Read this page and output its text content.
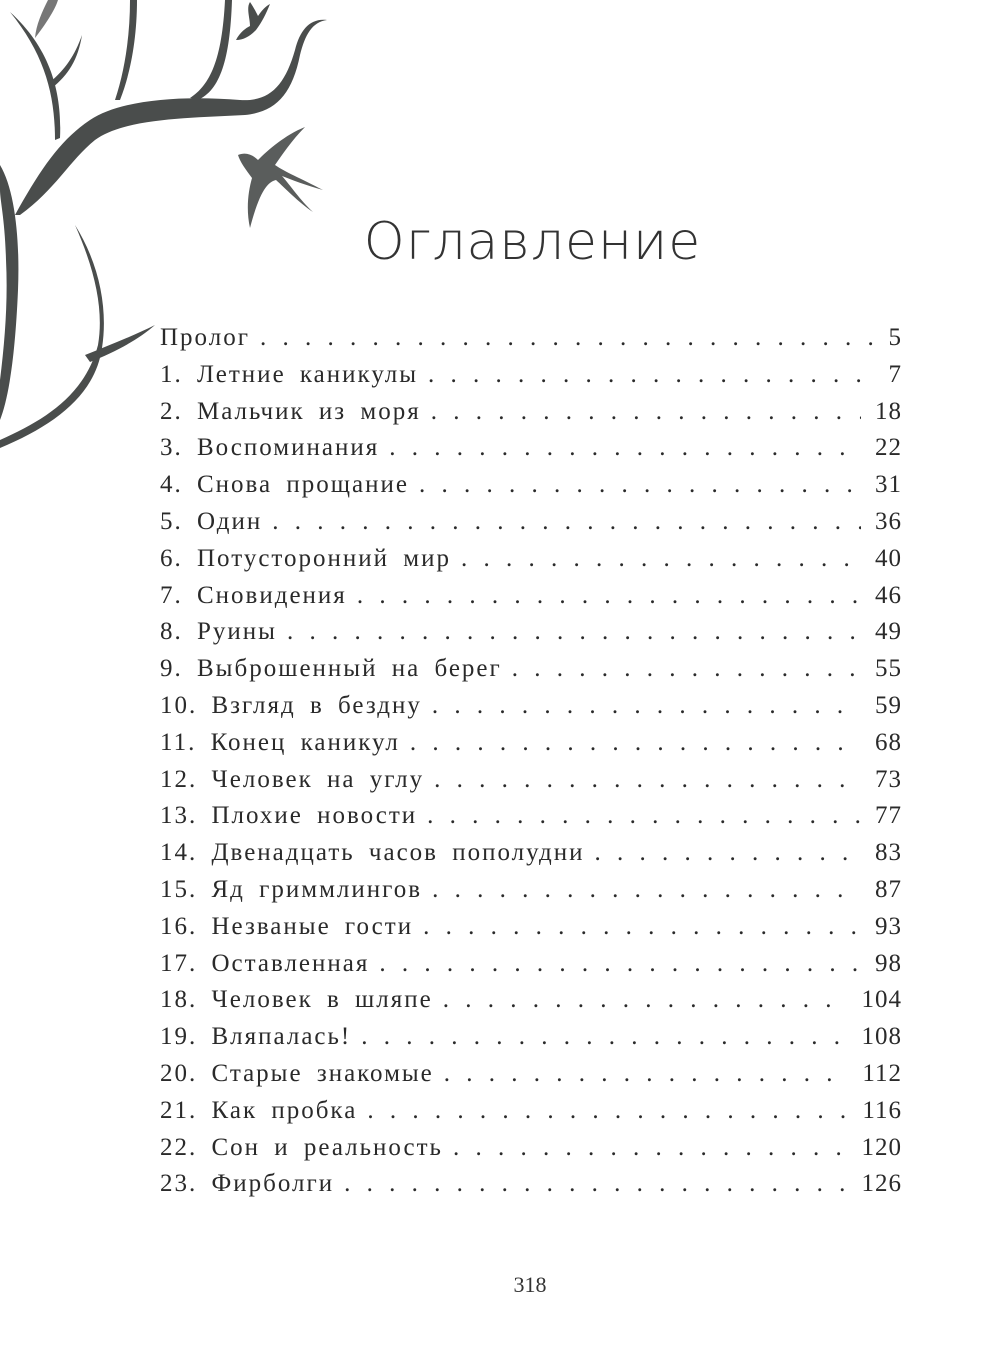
Оглавление
Пролог . . .	5
1. Летние каникулы . . .	7
2. Мальчик из моря . . .	18
3. Воспоминания . . .	22
4. Снова прощание . . .	31
5. Один . . .	36
6. Потусторонний мир . . .	40
7. Сновидения . . .	46
8. Руины . . .	49
9. Выброшенный на берег . . .	55
10. Взгляд в бездну . . .	59
11. Конец каникул . . .	68
12. Человек на углу . . .	73
13. Плохие новости . . .	77
14. Двенадцать часов пополудни . . .	83
15. Яд гриммлингов . . .	87
16. Незваные гости . . .	93
17. Оставленная . . .	98
18. Человек в шляпе . . .	104
19. Вляпалась! . . .	108
20. Старые знакомые . . .	112
21. Как пробка . . .	116
22. Сон и реальность . . .	120
23. Фирболги . . .	126
318
